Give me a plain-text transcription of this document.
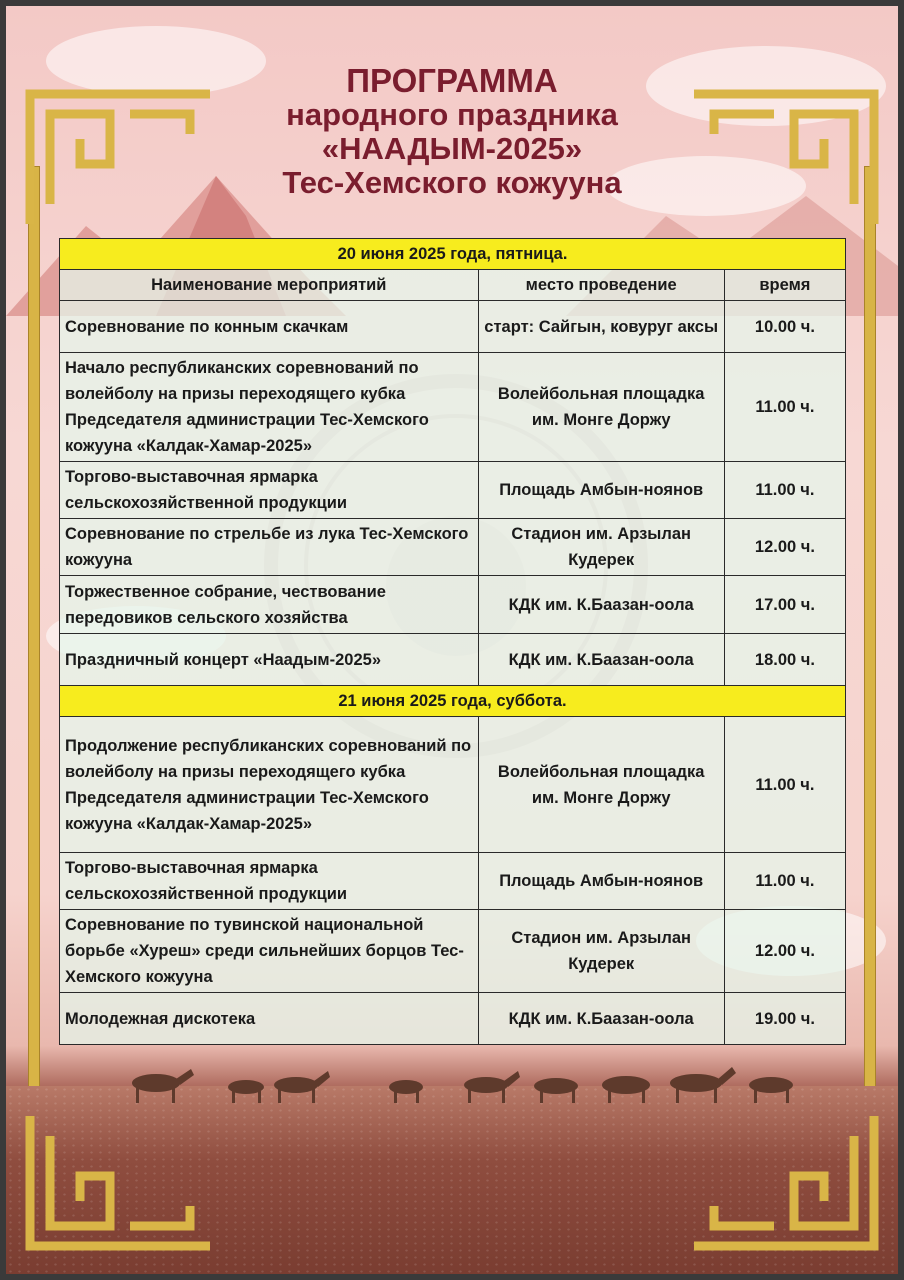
ПРОГРАММА
народного праздника
«НААДЫМ-2025»
Тес-Хемского кожууна
20 июня 2025 года, пятница.		
Наименование мероприятий	место проведение	время
Соревнование по конным скачкам	старт: Сайгын, ковуруг аксы	10.00 ч.
Начало республиканских соревнований по волейболу на призы переходящего кубка Председателя администрации Тес-Хемского кожууна «Калдак-Хамар-2025»	Волейбольная площадка им. Монге Доржу	11.00 ч.
Торгово-выставочная ярмарка сельскохозяйственной продукции	Площадь Амбын-ноянов	11.00 ч.
Соревнование по стрельбе из лука Тес-Хемского кожууна	Стадион им. Арзылан Кудерек	12.00 ч.
Торжественное собрание, чествование передовиков сельского хозяйства	КДК им. К.Баазан-оола	17.00 ч.
Праздничный концерт «Наадым-2025»	КДК им. К.Баазан-оола	18.00 ч.
21 июня 2025 года, суббота.		
Продолжение республиканских соревнований по волейболу на призы переходящего кубка Председателя администрации Тес-Хемского кожууна «Калдак-Хамар-2025»	Волейбольная площадка им. Монге Доржу	11.00 ч.
Торгово-выставочная ярмарка сельскохозяйственной продукции	Площадь Амбын-ноянов	11.00 ч.
Соревнование по тувинской национальной борьбе «Хуреш» среди сильнейших борцов Тес-Хемского кожууна	Стадион им. Арзылан Кудерек	12.00 ч.
Молодежная дискотека	КДК им. К.Баазан-оола	19.00 ч.
